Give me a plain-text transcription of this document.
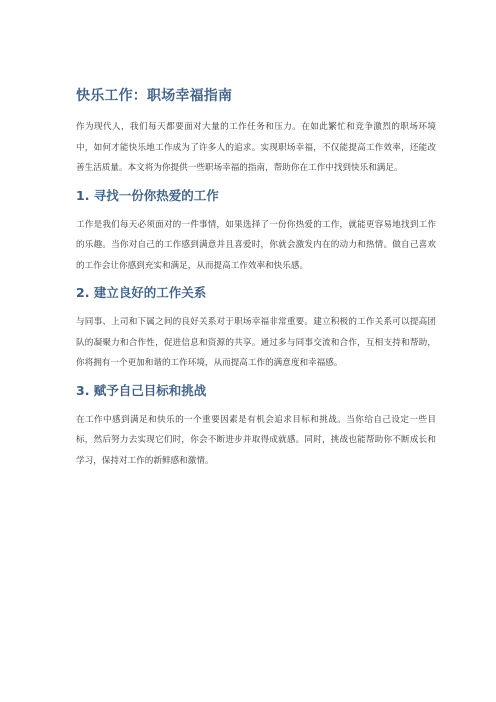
快乐工作：职场幸福指南

作为现代人，我们每天都要面对大量的工作任务和压力。在如此繁忙和竞争激烈的职场环境中，如何才能快乐地工作成为了许多人的追求。实现职场幸福，不仅能提高工作效率，还能改善生活质量。本文将为你提供一些职场幸福的指南，帮助你在工作中找到快乐和满足。

1. 寻找一份你热爱的工作

工作是我们每天必须面对的一件事情，如果选择了一份你热爱的工作，就能更容易地找到工作的乐趣。当你对自己的工作感到满意并且喜爱时，你就会激发内在的动力和热情。做自己喜欢的工作会让你感到充实和满足，从而提高工作效率和快乐感。

2. 建立良好的工作关系

与同事、上司和下属之间的良好关系对于职场幸福非常重要。建立积极的工作关系可以提高团队的凝聚力和合作性，促进信息和资源的共享。通过多与同事交流和合作，互相支持和帮助，你将拥有一个更加和谐的工作环境，从而提高工作的满意度和幸福感。

3. 赋予自己目标和挑战

在工作中感到满足和快乐的一个重要因素是有机会追求目标和挑战。当你给自己设定一些目标，然后努力去实现它们时，你会不断进步并取得成就感。同时，挑战也能帮助你不断成长和学习，保持对工作的新鲜感和激情。
